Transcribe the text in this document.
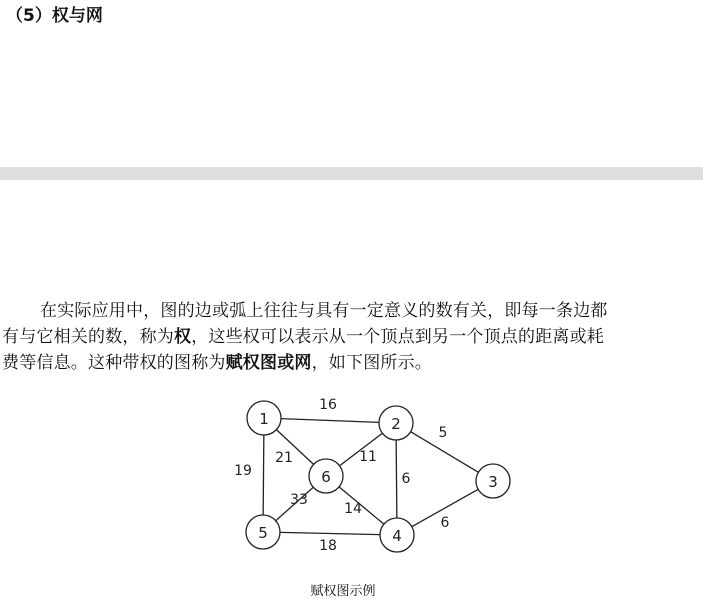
（5）权与网
在实际应用中，图的边或弧上往往与具有一定意义的数有关，即每一条边都
有与它相关的数，称为权，这些权可以表示从一个顶点到另一个顶点的距离或耗
费等信息。这种带权的图称为赋权图或网，如下图所示。
16
21
19
5
11
6
6
33
14
18
1	2
3
4
5
6
赋权图示例
